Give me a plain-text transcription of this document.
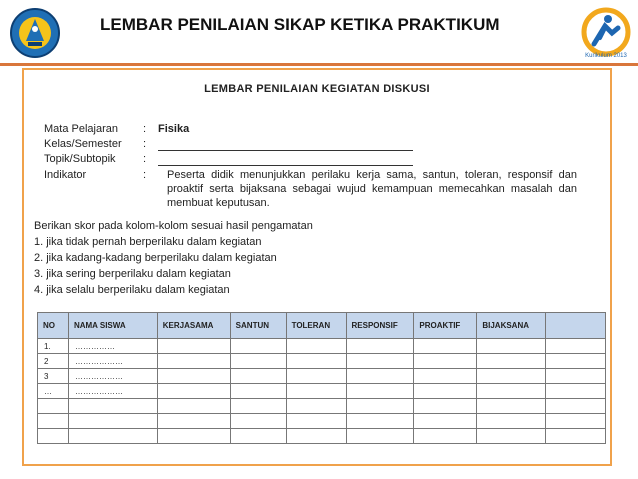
LEMBAR PENILAIAN SIKAP KETIKA PRAKTIKUM
Kurikulum 2013
LEMBAR PENILAIAN KEGIATAN DISKUSI
Mata Pelajaran : Fisika
Kelas/Semester :
Topik/Subtopik :
Indikator	: Peserta didik menunjukkan perilaku kerja sama, santun, toleran, responsif dan proaktif serta bijaksana sebagai wujud kemampuan memecahkan masalah dan membuat keputusan.
Berikan skor pada kolom-kolom sesuai hasil pengamatan
1. jika tidak pernah berperilaku dalam kegiatan
2. jika kadang-kadang berperilaku dalam kegiatan
3. jika sering berperilaku dalam kegiatan
4. jika selalu berperilaku dalam kegiatan
NO	NAMA SISWA	KERJASAMA	SANTUN	TOLERAN	RESPONSIF	PROAKTIF	BIJAKSANA	
1.	……………							
2	………………							
3	………………							
…	………………							
